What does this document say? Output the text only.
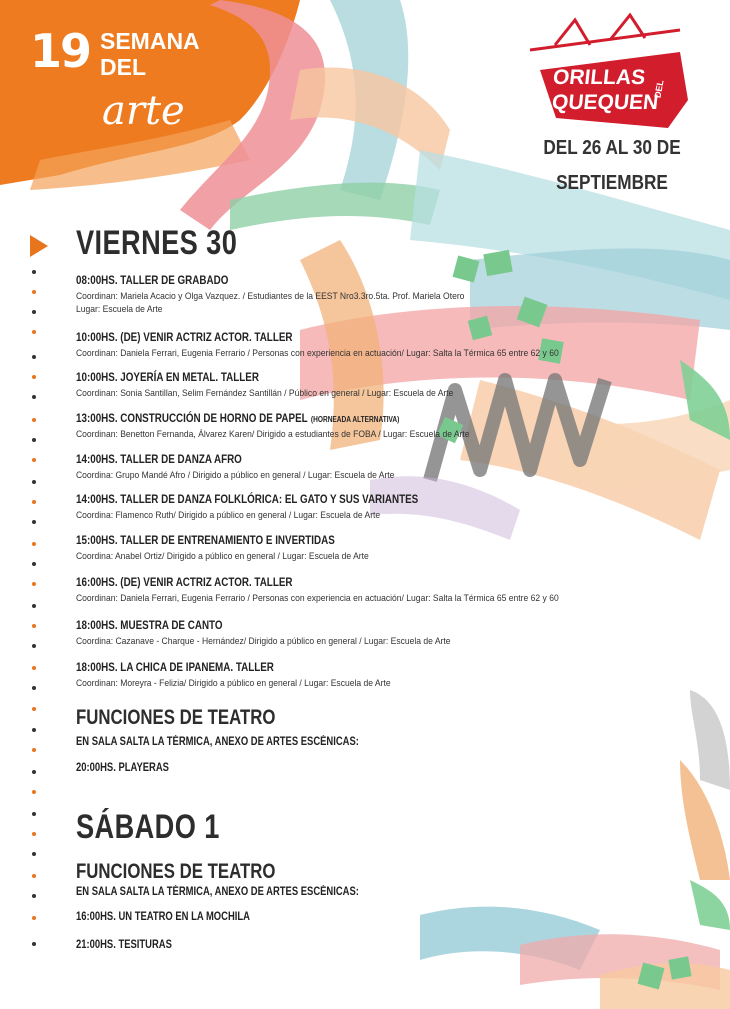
19 SEMANA
DEL
arte
ORILLAS DEL
QUEQUEN
DEL 26 AL 30 DE
SEPTIEMBRE
VIERNES 30
08:00HS. TALLER DE GRABADO
Coordinan: Mariela Acacio y Olga Vazquez. / Estudiantes de la EEST Nro3.3ro.5ta. Prof. Mariela Otero
Lugar: Escuela de Arte
10:00HS. (DE) VENIR ACTRIZ ACTOR. TALLER
Coordinan: Daniela Ferrari, Eugenia Ferrario / Personas con experiencia en actuación/ Lugar: Salta la Térmica 65 entre 62 y 60
10:00HS. JOYERÍA EN METAL. TALLER
Coordinan: Sonia Santillan, Selim Fernández Santillán / Público en general / Lugar: Escuela de Arte
13:00HS. CONSTRUCCIÓN DE HORNO DE PAPEL (HORNEADA ALTERNATIVA)
Coordinan: Benetton Fernanda, Álvarez Karen/ Dirigido a estudiantes de FOBA / Lugar: Escuela de Arte
14:00HS. TALLER DE DANZA AFRO
Coordina: Grupo Mandé Afro / Dirigido a público en general / Lugar: Escuela de Arte
14:00HS. TALLER DE DANZA FOLKLÓRICA: EL GATO Y SUS VARIANTES
Coordina: Flamenco Ruth/ Dirigido a público en general / Lugar: Escuela de Arte
15:00HS. TALLER DE ENTRENAMIENTO E INVERTIDAS
Coordina: Anabel Ortiz/ Dirigido a público en general / Lugar: Escuela de Arte
16:00HS. (DE) VENIR ACTRIZ ACTOR. TALLER
Coordinan: Daniela Ferrari, Eugenia Ferrario / Personas con experiencia en actuación/ Lugar: Salta la Térmica 65 entre 62 y 60
18:00HS. MUESTRA DE CANTO
Coordina: Cazanave - Charque - Hernández/ Dirigido a público en general / Lugar: Escuela de Arte
18:00HS. LA CHICA DE IPANEMA. TALLER
Coordinan: Moreyra - Felizia/ Dirigido a público en general / Lugar: Escuela de Arte
FUNCIONES DE TEATRO
EN SALA SALTA LA TÉRMICA, ANEXO DE ARTES ESCÉNICAS:
20:00HS. PLAYERAS
SÁBADO 1
FUNCIONES DE TEATRO
EN SALA SALTA LA TÉRMICA, ANEXO DE ARTES ESCÉNICAS:
16:00HS. UN TEATRO EN LA MOCHILA
21:00HS. TESITURAS
